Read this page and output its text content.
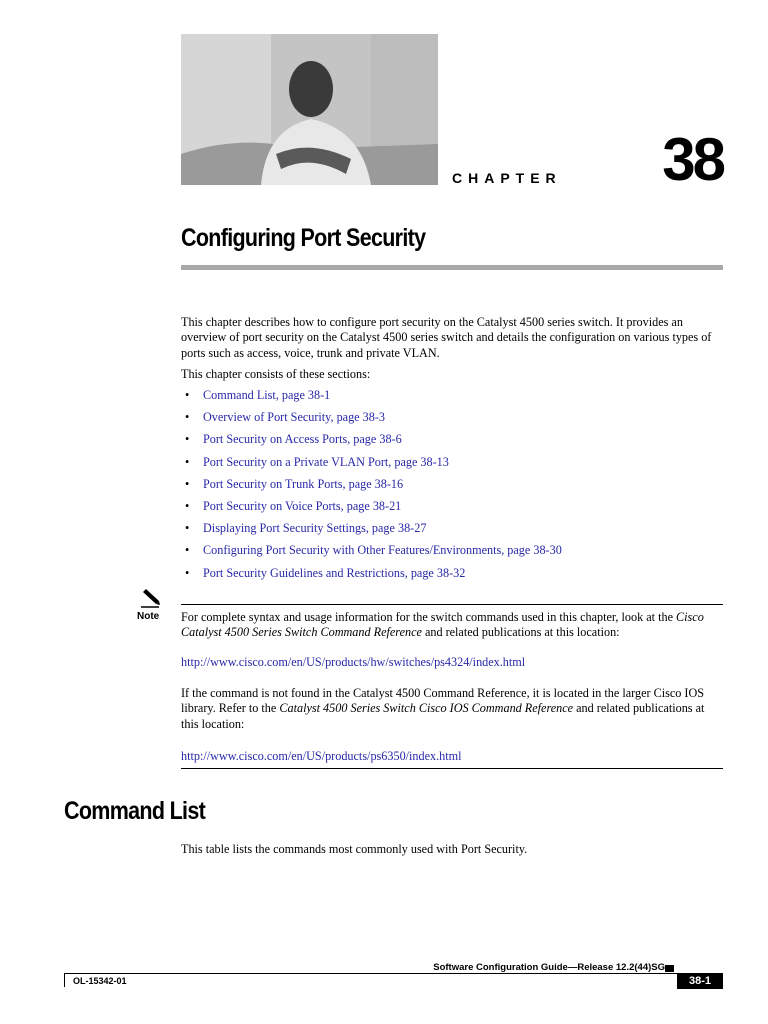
CHAPTER 38
Configuring Port Security
This chapter describes how to configure port security on the Catalyst 4500 series switch. It provides an overview of port security on the Catalyst 4500 series switch and details the configuration on various types of ports such as access, voice, trunk and private VLAN.
This chapter consists of these sections:
• Command List, page 38-1
• Overview of Port Security, page 38-3
• Port Security on Access Ports, page 38-6
• Port Security on a Private VLAN Port, page 38-13
• Port Security on Trunk Ports, page 38-16
• Port Security on Voice Ports, page 38-21
• Displaying Port Security Settings, page 38-27
• Configuring Port Security with Other Features/Environments, page 38-30
• Port Security Guidelines and Restrictions, page 38-32
Note For complete syntax and usage information for the switch commands used in this chapter, look at the Cisco Catalyst 4500 Series Switch Command Reference and related publications at this location:
http://www.cisco.com/en/US/products/hw/switches/ps4324/index.html
If the command is not found in the Catalyst 4500 Command Reference, it is located in the larger Cisco IOS library. Refer to the Catalyst 4500 Series Switch Cisco IOS Command Reference and related publications at this location:
http://www.cisco.com/en/US/products/ps6350/index.html
Command List
This table lists the commands most commonly used with Port Security.
Software Configuration Guide—Release 12.2(44)SG
OL-15342-01	38-1
